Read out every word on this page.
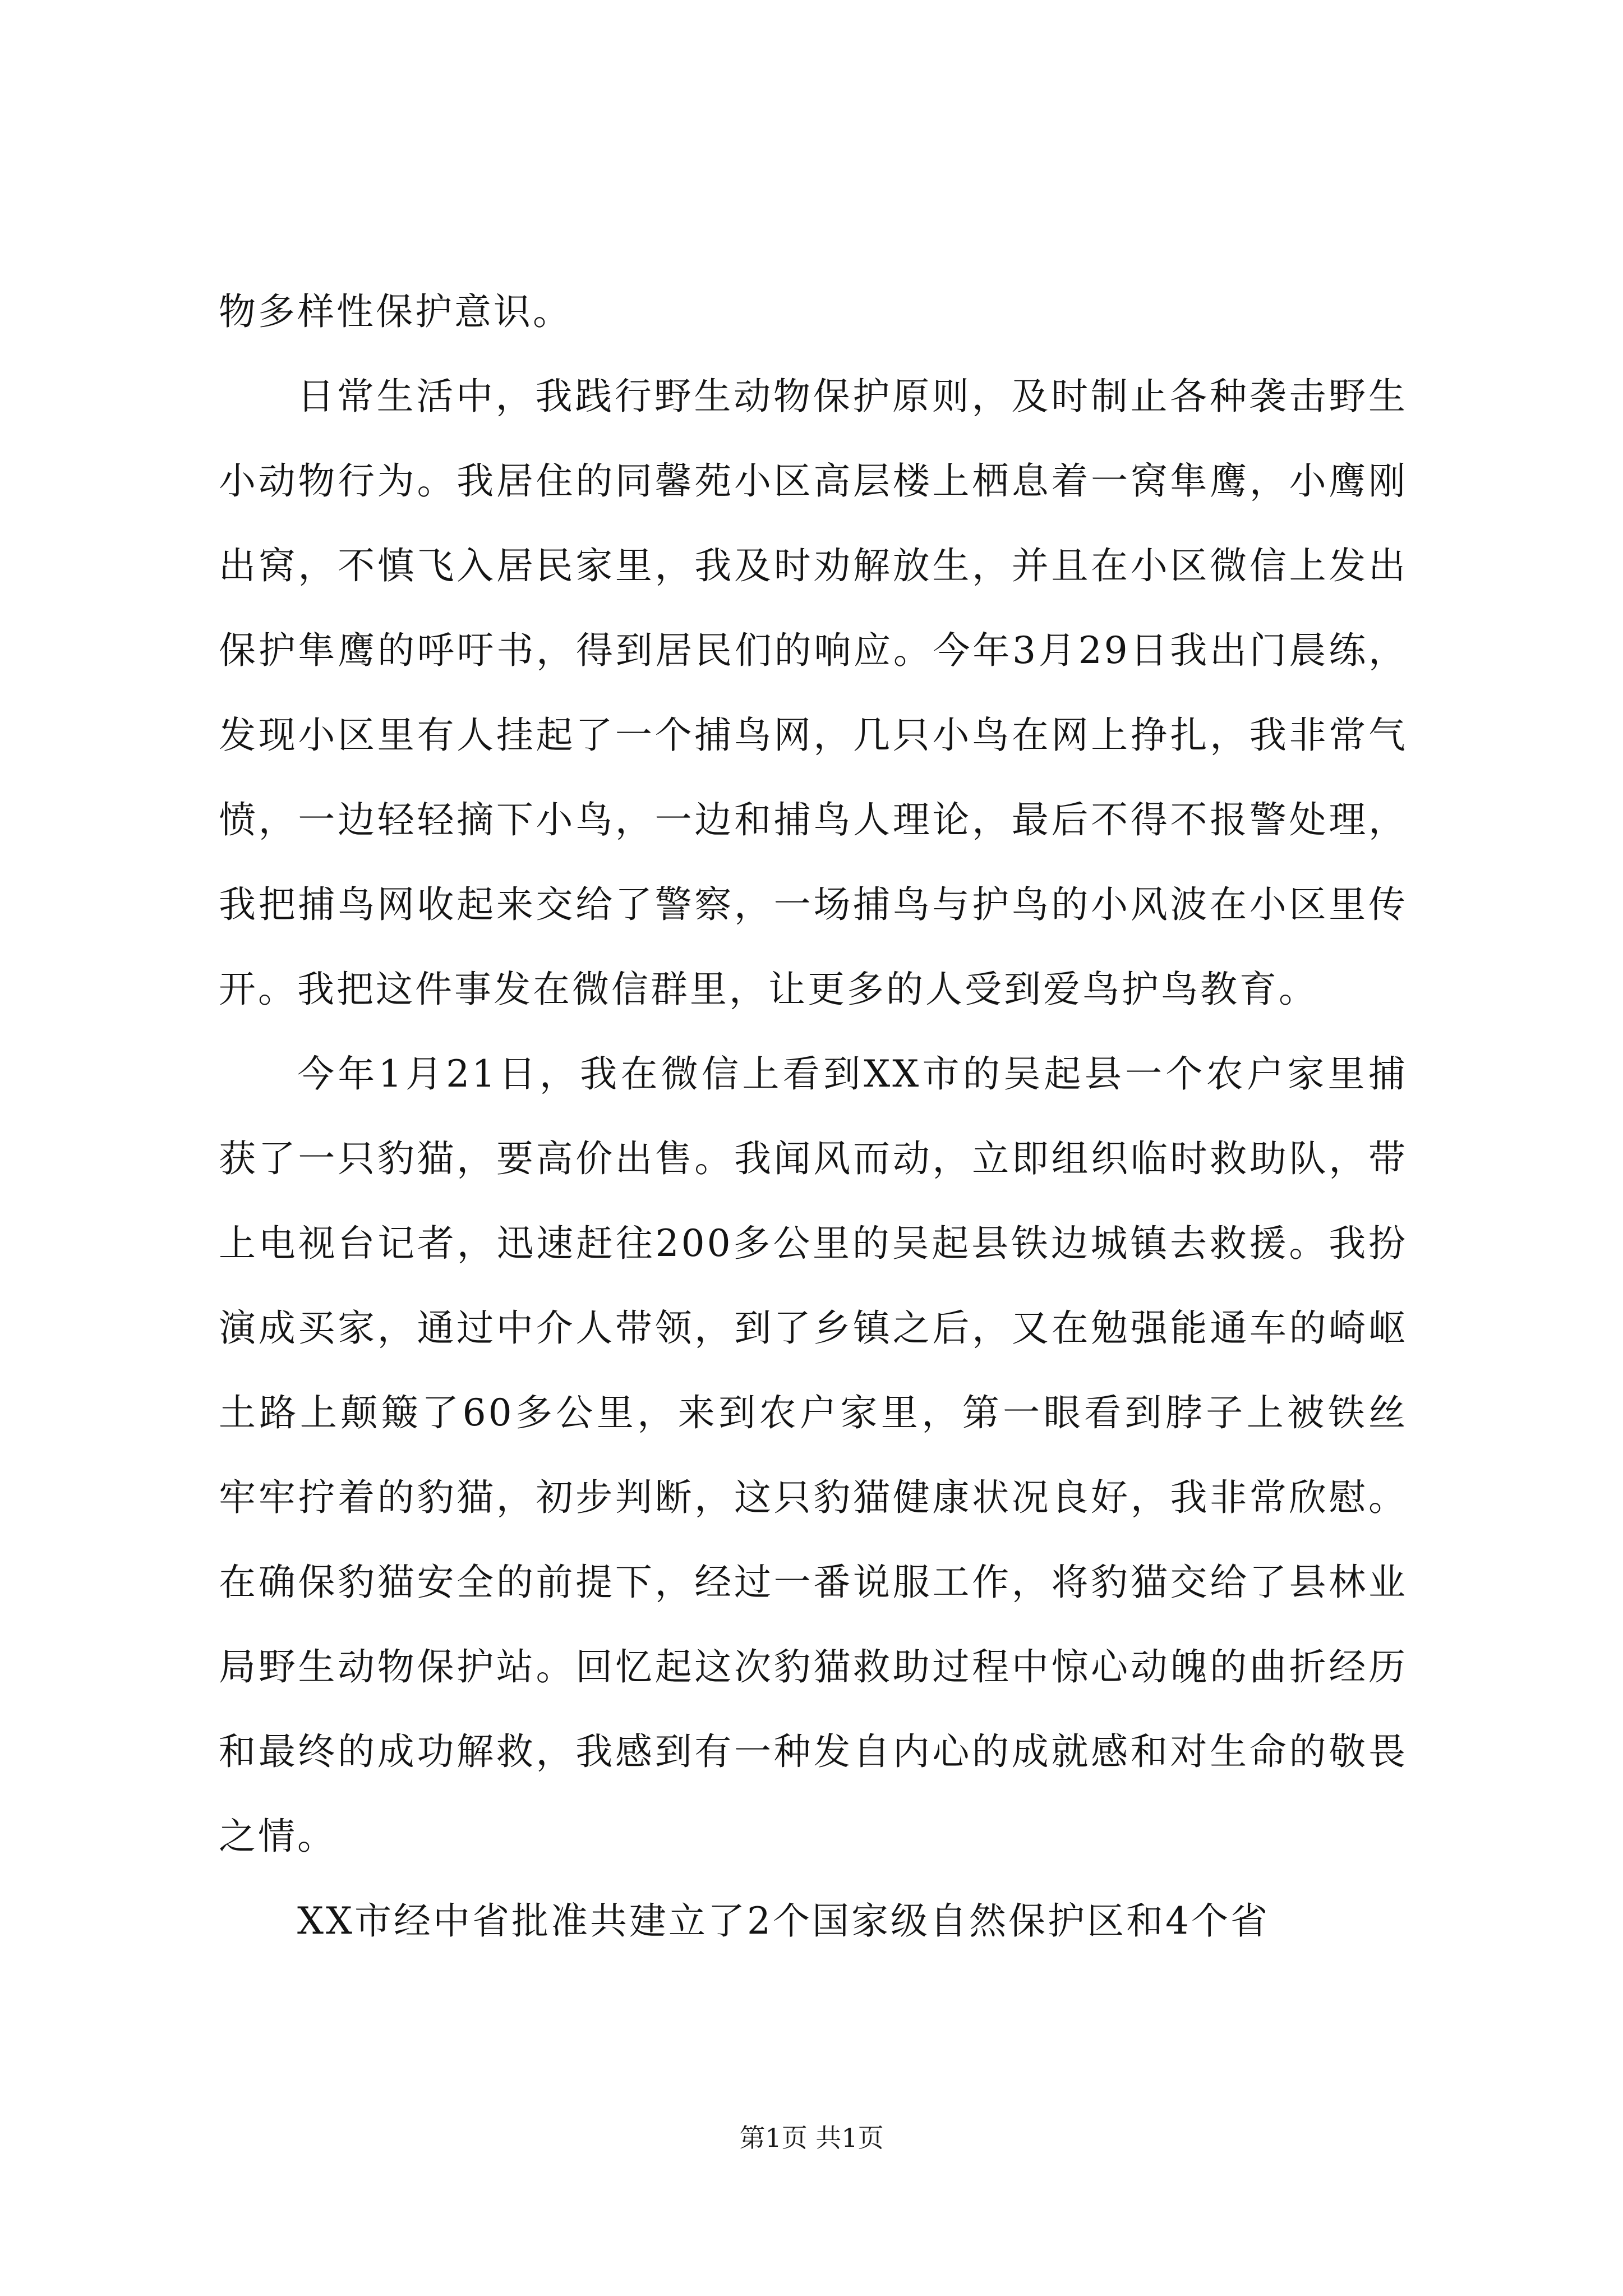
物多样性保护意识。

日常生活中，我践行野生动物保护原则，及时制止各种袭击野生小动物行为。我居住的同馨苑小区高层楼上栖息着一窝隼鹰，小鹰刚出窝，不慎飞入居民家里，我及时劝解放生，并且在小区微信上发出保护隼鹰的呼吁书，得到居民们的响应。今年3月29日我出门晨练，发现小区里有人挂起了一个捕鸟网，几只小鸟在网上挣扎，我非常气愤，一边轻轻摘下小鸟，一边和捕鸟人理论，最后不得不报警处理，我把捕鸟网收起来交给了警察，一场捕鸟与护鸟的小风波在小区里传开。我把这件事发在微信群里，让更多的人受到爱鸟护鸟教育。

今年1月21日，我在微信上看到XX市的吴起县一个农户家里捕获了一只豹猫，要高价出售。我闻风而动，立即组织临时救助队，带上电视台记者，迅速赶往200多公里的吴起县铁边城镇去救援。我扮演成买家，通过中介人带领，到了乡镇之后，又在勉强能通车的崎岖土路上颠簸了60多公里，来到农户家里，第一眼看到脖子上被铁丝牢牢拧着的豹猫，初步判断，这只豹猫健康状况良好，我非常欣慰。在确保豹猫安全的前提下，经过一番说服工作，将豹猫交给了县林业局野生动物保护站。回忆起这次豹猫救助过程中惊心动魄的曲折经历和最终的成功解救，我感到有一种发自内心的成就感和对生命的敬畏之情。

XX市经中省批准共建立了2个国家级自然保护区和4个省

第1页 共1页
